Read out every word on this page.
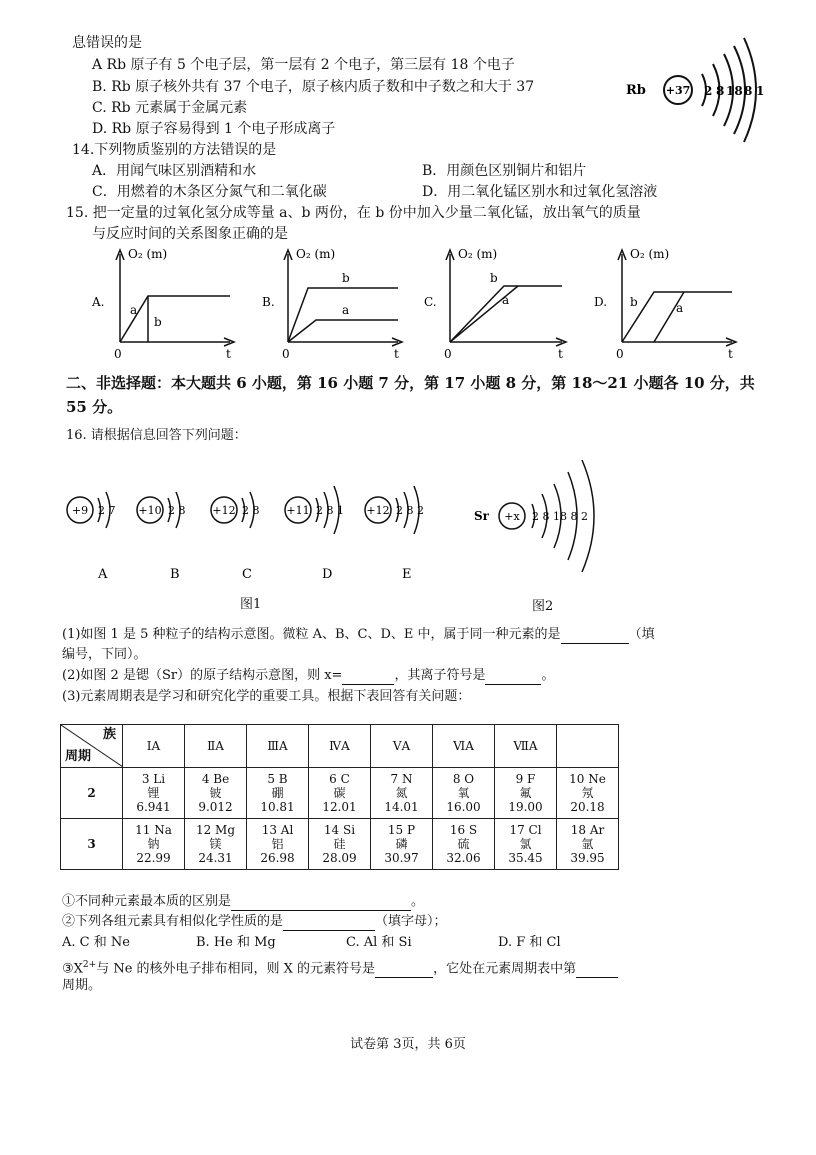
息错误的是
A Rb 原子有 5 个电子层，第一层有 2 个电子，第三层有 18 个电子
B. Rb 原子核外共有 37 个电子，原子核内质子数和中子数之和大于 37
C. Rb 元素属于金属元素
D. Rb 原子容易得到 1 个电子形成离子
Rb +37 2 8 18 8 1
14.下列物质鉴别的方法错误的是
A．用闻气味区别酒精和水	B．用颜色区别铜片和铝片
C．用燃着的木条区分氮气和二氧化碳	D．用二氧化锰区别水和过氧化氢溶液
15. 把一定量的过氧化氢分成等量 a、b 两份，在 b 份中加入少量二氧化锰，放出氧气的质量
与反应时间的关系图象正确的是
A.
O₂ (m)
0	t
a
b
B.
O₂ (m)
0	t
b
a
C.
O₂ (m)
0	t
b
a	D.
O₂ (m)
0	t
b	a
二、非选择题：本大题共 6 小题，第 16 小题 7 分，第 17 小题 8 分，第 18～21 小题各 10 分，共
55 分。
16. 请根据信息回答下列问题：
+9 2 7
A
+10 2 8
B
+12 2 8
C
+11 2 8 1
D
+12 2 8 2
E
Sr +x 2 8 18 8 2
图1	图2
(1)如图 1 是 5 种粒子的结构示意图。微粒 A、B、C、D、E 中，属于同一种元素的是	（填
编号，下同）。
(2)如图 2 是锶（Sr）的原子结构示意图，则 x=	，其离子符号是	。
(3)元素周期表是学习和研究化学的重要工具。根据下表回答有关问题：
族
周期	ⅠA	ⅡA	ⅢA	ⅣA	ⅤA	ⅥA	ⅦA	
2	3 Li
锂
6.941	4 Be
铍
9.012	5 B
硼
10.81	6 C
碳
12.01	7 N
氮
14.01	8 O
氧
16.00	9 F
氟
19.00	10 Ne
氖
20.18

3	11 Na
钠
22.99	12 Mg
镁
24.31	13 Al
铝
26.98	14 Si
硅
28.09	15 P
磷
30.97	16 S
硫
32.06	17 Cl
氯
35.45	18 Ar
氩
39.95
①不同种元素最本质的区别是	。
②下列各组元素具有相似化学性质的是	（填字母）；
A. C 和 Ne	B. He 和 Mg	C. Al 和 Si	D. F 和 Cl
$③X^{2+}$与 Ne 的核外电子排布相同，则 X 的元素符号是	，它处在元素周期表中第
周期。
试卷第 3页，共 6页
